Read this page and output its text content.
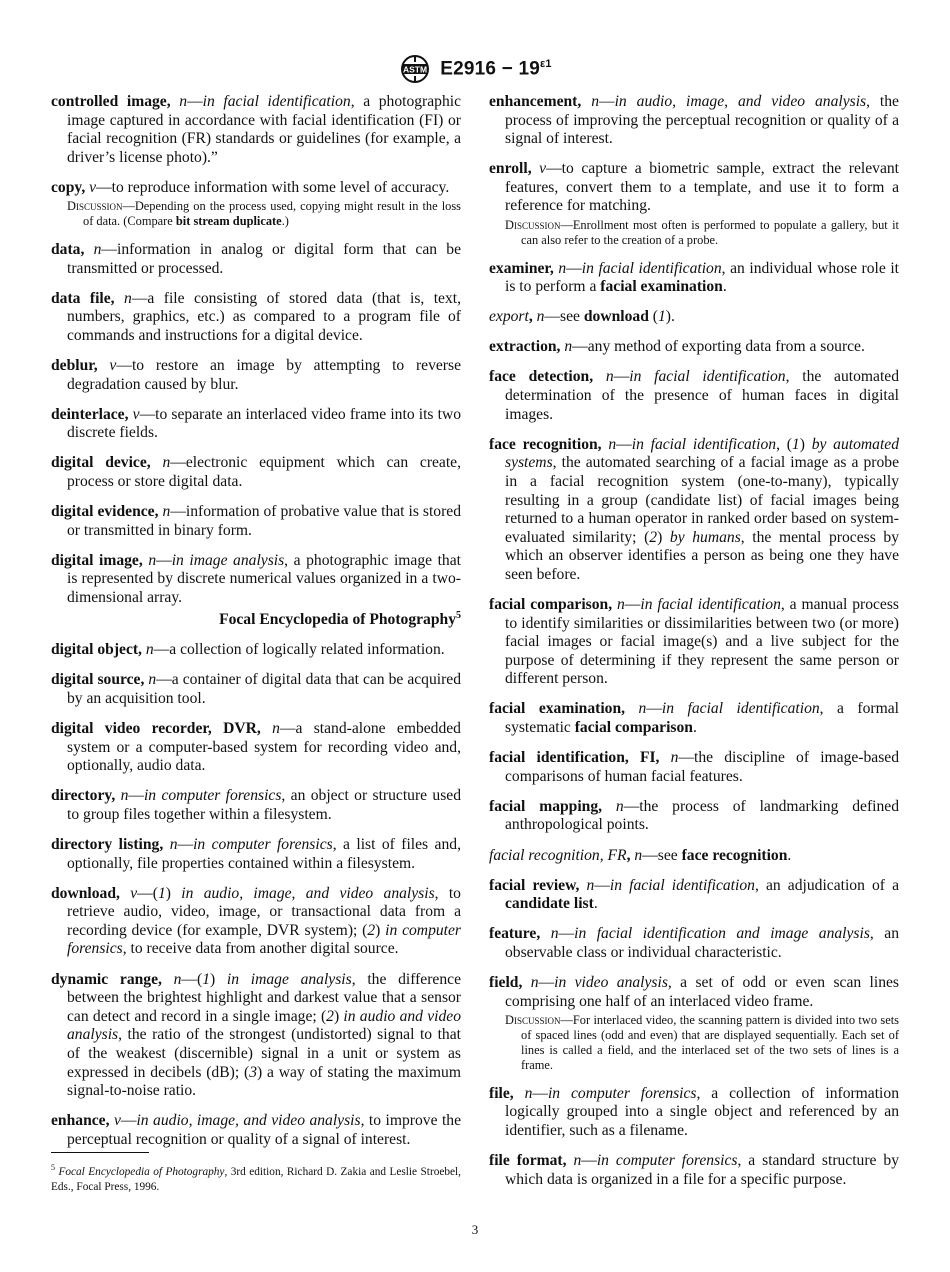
ASTM $E2916 - 19^{\varepsilon 1}$
controlled image, n—in facial identification, a photographic image captured in accordance with facial identification (FI) or facial recognition (FR) standards or guidelines (for example, a driver’s license photo).”
copy, v—to reproduce information with some level of accuracy.
Discussion—Depending on the process used, copying might result in the loss of data. (Compare bit stream duplicate.)
data, n—information in analog or digital form that can be transmitted or processed.
data file, n—a file consisting of stored data (that is, text, numbers, graphics, etc.) as compared to a program file of commands and instructions for a digital device.
deblur, v—to restore an image by attempting to reverse degradation caused by blur.
deinterlace, v—to separate an interlaced video frame into its two discrete fields.
digital device, n—electronic equipment which can create, process or store digital data.
digital evidence, n—information of probative value that is stored or transmitted in binary form.
digital image, n—in image analysis, a photographic image that is represented by discrete numerical values organized in a two-dimensional array.
Focal Encyclopedia of Photography$^5$
digital object, n—a collection of logically related information.
digital source, n—a container of digital data that can be acquired by an acquisition tool.
digital video recorder, DVR, n—a stand-alone embedded system or a computer-based system for recording video and, optionally, audio data.
directory, n—in computer forensics, an object or structure used to group files together within a filesystem.
directory listing, n—in computer forensics, a list of files and, optionally, file properties contained within a filesystem.
download, v—(1) in audio, image, and video analysis, to retrieve audio, video, image, or transactional data from a recording device (for example, DVR system); (2) in computer forensics, to receive data from another digital source.
dynamic range, n—(1) in image analysis, the difference between the brightest highlight and darkest value that a sensor can detect and record in a single image; (2) in audio and video analysis, the ratio of the strongest (undistorted) signal to that of the weakest (discernible) signal in a unit or system as expressed in decibels (dB); (3) a way of stating the maximum signal-to-noise ratio.
enhance, v—in audio, image, and video analysis, to improve the perceptual recognition or quality of a signal of interest.
enhancement, n—in audio, image, and video analysis, the process of improving the perceptual recognition or quality of a signal of interest.
enroll, v—to capture a biometric sample, extract the relevant features, convert them to a template, and use it to form a reference for matching.
Discussion—Enrollment most often is performed to populate a gallery, but it can also refer to the creation of a probe.
examiner, n—in facial identification, an individual whose role it is to perform a facial examination.
export, n—see download (1).
extraction, n—any method of exporting data from a source.
face detection, n—in facial identification, the automated determination of the presence of human faces in digital images.
face recognition, n—in facial identification, (1) by automated systems, the automated searching of a facial image as a probe in a facial recognition system (one-to-many), typically resulting in a group (candidate list) of facial images being returned to a human operator in ranked order based on system-evaluated similarity; (2) by humans, the mental process by which an observer identifies a person as being one they have seen before.
facial comparison, n—in facial identification, a manual process to identify similarities or dissimilarities between two (or more) facial images or facial image(s) and a live subject for the purpose of determining if they represent the same person or different person.
facial examination, n—in facial identification, a formal systematic facial comparison.
facial identification, FI, n—the discipline of image-based comparisons of human facial features.
facial mapping, n—the process of landmarking defined anthropological points.
facial recognition, FR, n—see face recognition.
facial review, n—in facial identification, an adjudication of a candidate list.
feature, n—in facial identification and image analysis, an observable class or individual characteristic.
field, n—in video analysis, a set of odd or even scan lines comprising one half of an interlaced video frame.
Discussion—For interlaced video, the scanning pattern is divided into two sets of spaced lines (odd and even) that are displayed sequentially. Each set of lines is called a field, and the interlaced set of the two sets of lines is a frame.
file, n—in computer forensics, a collection of information logically grouped into a single object and referenced by an identifier, such as a filename.
file format, n—in computer forensics, a standard structure by which data is organized in a file for a specific purpose.
$^5$ Focal Encyclopedia of Photography, 3rd edition, Richard D. Zakia and Leslie Stroebel, Eds., Focal Press, 1996.
3
